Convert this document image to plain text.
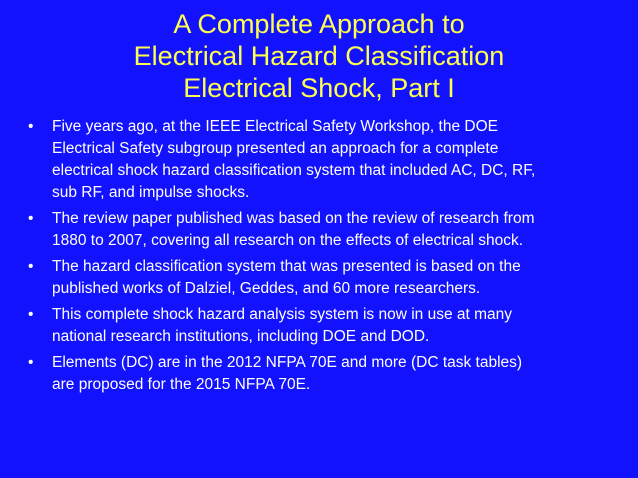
A Complete Approach to
Electrical Hazard Classification
Electrical Shock, Part I
•	Five years ago, at the IEEE Electrical Safety Workshop, the DOE
Electrical Safety subgroup presented an approach for a complete
electrical shock hazard classification system that included AC, DC, RF,
sub RF, and impulse shocks.
•	The review paper published was based on the review of research from
1880 to 2007, covering all research on the effects of electrical shock.
•	The hazard classification system that was presented is based on the
published works of Dalziel, Geddes, and 60 more researchers.
•	This complete shock hazard analysis system is now in use at many
national research institutions, including DOE and DOD.
•	Elements (DC) are in the 2012 NFPA 70E and more (DC task tables)
are proposed for the 2015 NFPA 70E.
